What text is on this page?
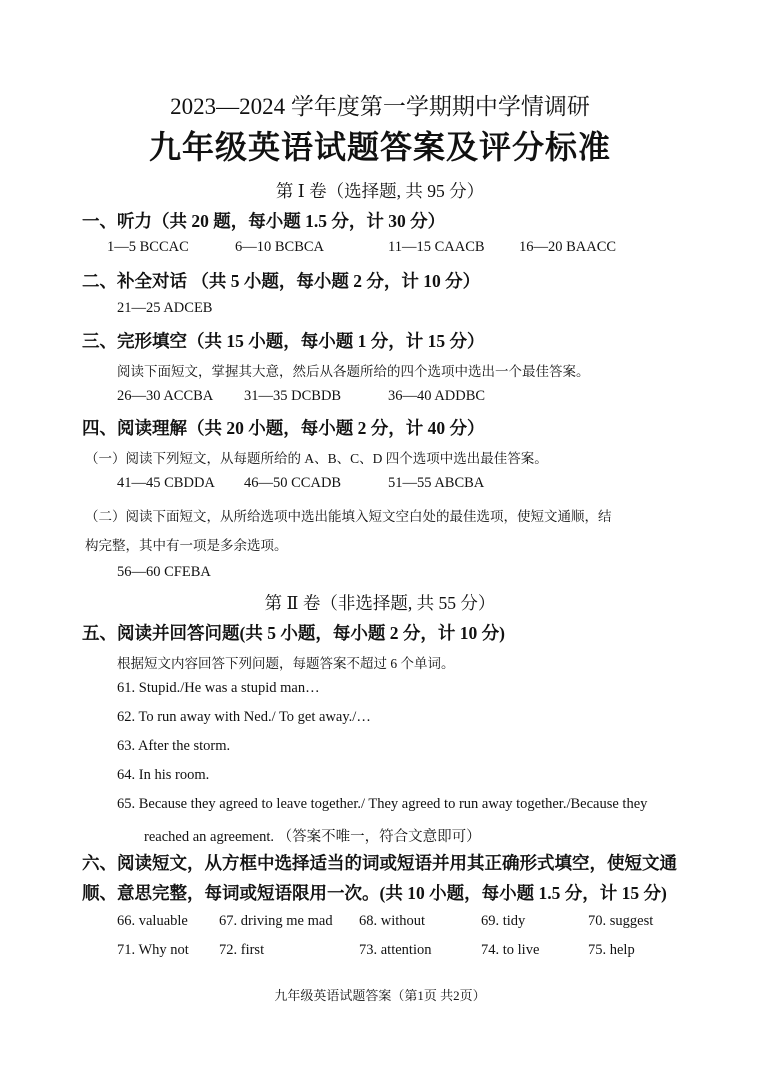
2023—2024 学年度第一学期期中学情调研
九年级英语试题答案及评分标准
第 Ⅰ 卷（选择题, 共 95 分）
一、听力（共 20 题，每小题 1.5 分，计 30 分）
1—5 BCCAC	6—10 BCBCA	11—15 CAACB 16—20 BAACC
二、补全对话 （共 5 小题，每小题 2 分，计 10 分）
21—25 ADCEB
三、完形填空（共 15 小题，每小题 1 分，计 15 分）
阅读下面短文，掌握其大意，然后从各题所给的四个选项中选出一个最佳答案。
26—30 ACCBA 31—35 DCBDB	36—40 ADDBC
四、阅读理解（共 20 小题，每小题 2 分，计 40 分）
（一）阅读下列短文，从每题所给的 A、B、C、D 四个选项中选出最佳答案。
41—45 CBDDA 46—50 CCADB	51—55 ABCBA
（二）阅读下面短文，从所给选项中选出能填入短文空白处的最佳选项，使短文通顺，结
构完整，其中有一项是多余选项。
56—60 CFEBA
第 Ⅱ 卷（非选择题, 共 55 分）
五、阅读并回答问题(共 5 小题，每小题 2 分，计 10 分)
根据短文内容回答下列问题，每题答案不超过 6 个单词。
61. Stupid./He was a stupid man…
62. To run away with Ned./ To get away./…
63. After the storm.
64. In his room.
65. Because they agreed to leave together./ They agreed to run away together./Because they
reached an agreement. （答案不唯一，符合文意即可）
六、阅读短文，从方框中选择适当的词或短语并用其正确形式填空，使短文通
顺、意思完整，每词或短语限用一次。(共 10 小题，每小题 1.5 分，计 15 分)
66. valuable 67. driving me mad 68. without	69. tidy	70. suggest
71. Why not 72. first	73. attention	74. to live	75. help
九年级英语试题答案（第1页 共2页）
